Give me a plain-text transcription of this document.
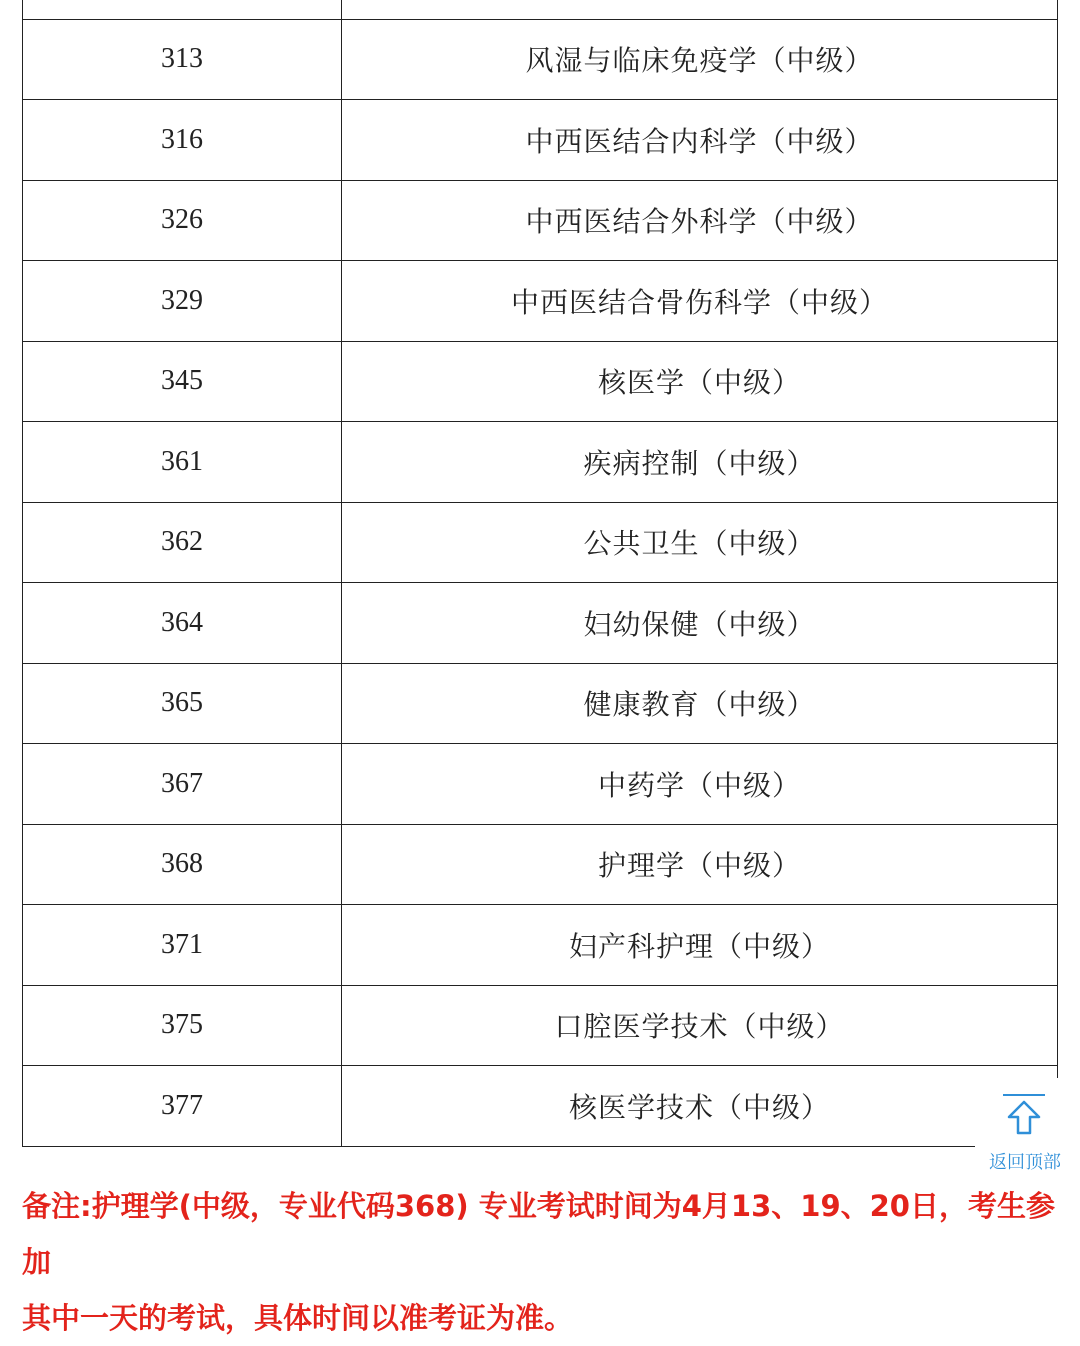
313	风湿与临床免疫学（中级）
316	中西医结合内科学（中级）
326	中西医结合外科学（中级）
329	中西医结合骨伤科学（中级）
345	核医学（中级）
361	疾病控制（中级）
362	公共卫生（中级）
364	妇幼保健（中级）
365	健康教育（中级）
367	中药学（中级）
368	护理学（中级）
371	妇产科护理（中级）
375	口腔医学技术（中级）
377	核医学技术（中级）
返回顶部
备注:护理学(中级，专业代码368) 专业考试时间为4月13、19、20日，考生参加
其中一天的考试，具体时间以准考证为准。
